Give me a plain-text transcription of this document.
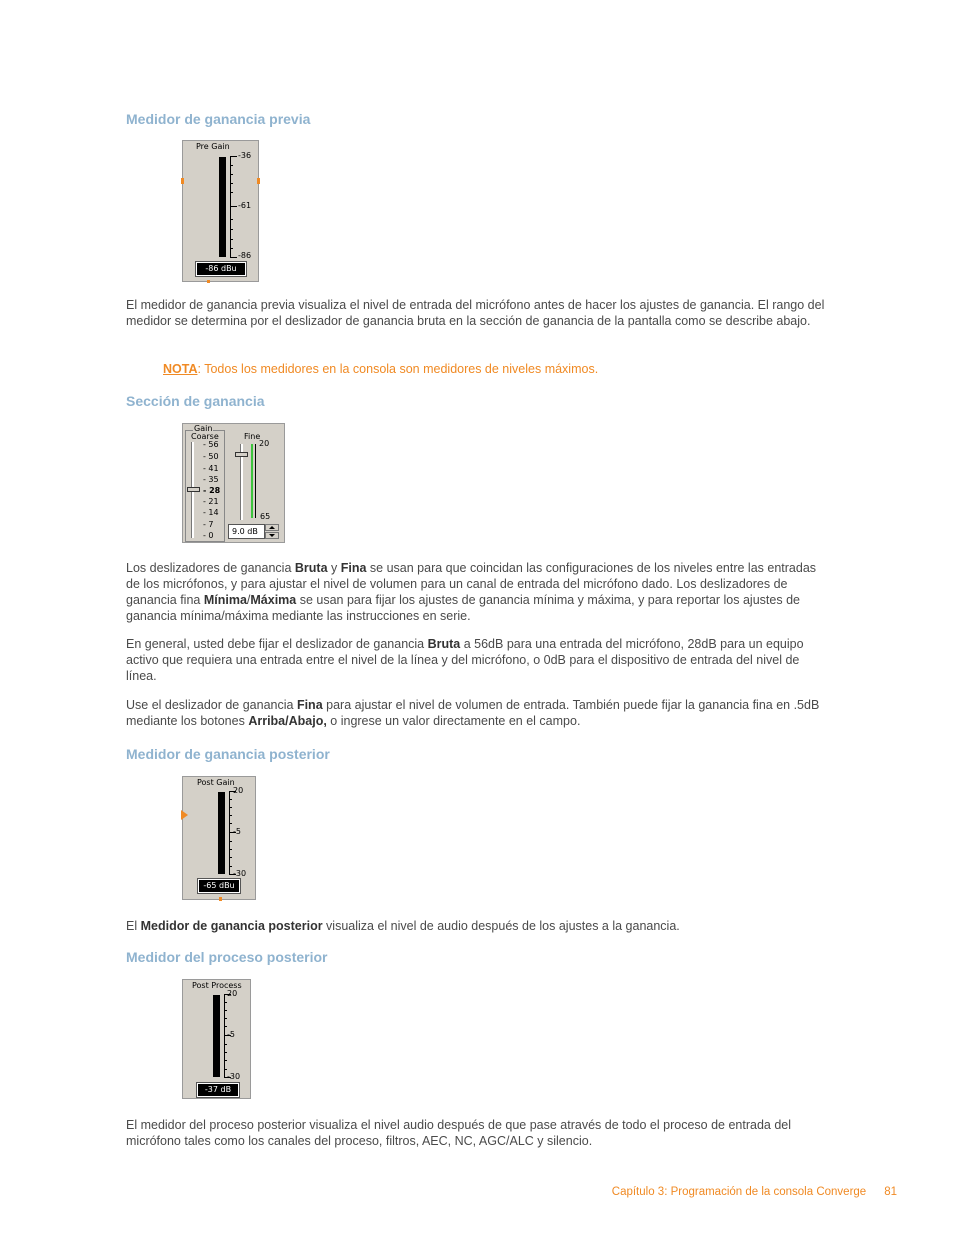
Medidor de ganancia previa
Pre Gain
-36
-61
-86
-86 dBu

El medidor de ganancia previa visualiza el nivel de entrada del micrófono antes de hacer los ajustes de ganancia. El rango del medidor se determina por el deslizador de ganancia bruta en la sección de ganancia de la pantalla como se describe abajo.

NOTA: Todos los medidores en la consola son medidores de niveles máximos.
Sección de ganancia
Gain
Coarse
- 56
- 50
- 41
- 35
- 28
- 21
- 14
- 7
- 0
Fine
20
65
9.0 dB

Los deslizadores de ganancia Bruta y Fina se usan para que coincidan las configuraciones de los niveles entre las entradas de los micrófonos, y para ajustar el nivel de volumen para un canal de entrada del micrófono dado. Los deslizadores de ganancia fina Mínima/Máxima se usan para fijar los ajustes de ganancia mínima y máxima, y para reportar los ajustes de ganancia mínima/máxima mediante las instrucciones en serie.

En general, usted debe fijar el deslizador de ganancia Bruta a 56dB para una entrada del micrófono, 28dB para un equipo activo que requiera una entrada entre el nivel de la línea y del micrófono, o 0dB para el dispositivo de entrada del nivel de línea.

Use el deslizador de ganancia Fina para ajustar el nivel de volumen de entrada. También puede fijar la ganancia fina en .5dB mediante los botones Arriba/Abajo, o ingrese un valor directamente en el campo.

Medidor de ganancia posterior
Post Gain
20
-5
-30
-65 dBu

El Medidor de ganancia posterior visualiza el nivel de audio después de los ajustes a la ganancia.

Medidor del proceso posterior
Post Process
20
-5
-30
-37 dB

El medidor del proceso posterior visualiza el nivel audio después de que pase através de todo el proceso de entrada del micrófono tales como los canales del proceso, filtros, AEC, NC, AGC/ALC y silencio.

Capítulo 3: Programación de la consola Converge 81
